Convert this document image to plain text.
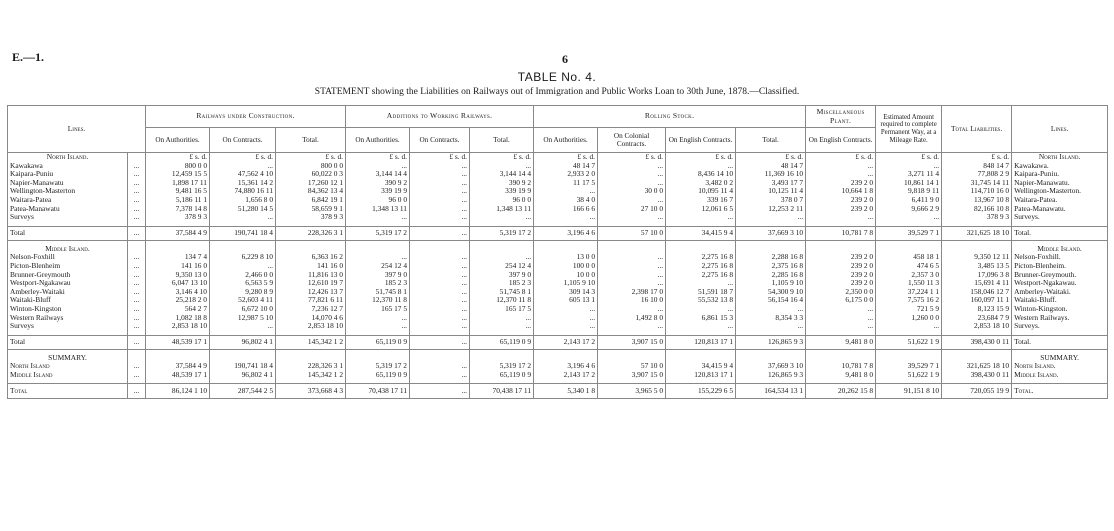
E.—1.	6
TABLE No. 4.
STATEMENT showing the Liabilities on Railways out of Immigration and Public Works Loan to 30th June, 1878.—Classified.
Lines.		Railways under Construction.			Additions to Working Railways.			Rolling Stock.				Miscellaneous Plant.	Estimated Amount required to complete Permanent Way, at a Mileage Rate.	Total Liabilities.	Lines.
		On Authorities.	On Contracts.	Total.	On Authorities.	On Contracts.	Total.	On Authorities.	On Colonial Contracts.	On English Contracts.	Total.	On English Contracts.			
North Island.		£ s. d.	£ s. d.	£ s. d.	£ s. d.	£ s. d.	£ s. d.	£ s. d.	£ s. d.	£ s. d.	£ s. d.	£ s. d.	£ s. d.	£ s. d.	North Island.
Kawakawa	...	800 0 0	...	800 0 0	...	...	...	48 14 7	...	...	48 14 7	...	...	848 14 7	Kawakawa.
Kaipara-Puniu	...	12,459 15 5	47,562 4 10	60,022 0 3	3,144 14 4	...	3,144 14 4	2,933 2 0	...	8,436 14 10	11,369 16 10	...	3,271 11 4	77,808 2 9	Kaipara-Puniu.
Napier-Manawatu	...	1,898 17 11	15,361 14 2	17,260 12 1	390 9 2	...	390 9 2	11 17 5	...	3,482 0 2	3,493 17 7	239 2 0	10,861 14 1	31,745 14 11	Napier-Manawatu.
Wellington-Masterton	...	9,481 16 5	74,880 16 11	84,362 13 4	339 19 9	...	339 19 9	...	30 0 0	10,095 11 4	10,125 11 4	10,664 1 8	9,818 9 11	114,710 16 0	Wellington-Masterton.
Waitara-Patea	...	5,186 11 1	1,656 8 0	6,842 19 1	96 0 0	...	96 0 0	38 4 0	...	339 16 7	378 0 7	239 2 0	6,411 9 0	13,967 10 8	Waitara-Patea.
Patea-Manawatu	...	7,378 14 8	51,280 14 5	58,659 9 1	1,348 13 11	...	1,348 13 11	166 6 6	27 10 0	12,061 6 5	12,253 2 11	239 2 0	9,666 2 9	82,166 10 8	Patea-Manawatu.
Surveys	...	378 9 3	...	378 9 3	...	...	...	...	...	...	...	...	...	378 9 3	Surveys.

Total	...	37,584 4 9	190,741 18 4	228,326 3 1	5,319 17 2	...	5,319 17 2	3,196 4 6	57 10 0	34,415 9 4	37,669 3 10	10,781 7 8	39,529 7 1	321,625 18 10	Total.

Middle Island.															Middle Island.
Nelson-Foxhill	...	134 7 4	6,229 8 10	6,363 16 2	...	...	...	13 0 0	...	2,275 16 8	2,288 16 8	239 2 0	458 18 1	9,350 12 11	Nelson-Foxhill.
Picton-Blenheim	...	141 16 0	...	141 16 0	254 12 4	...	254 12 4	100 0 0	...	2,275 16 8	2,375 16 8	239 2 0	474 6 5	3,485 13 5	Picton-Blenheim.
Brunner-Greymouth	...	9,350 13 0	2,466 0 0	11,816 13 0	397 9 0	...	397 9 0	10 0 0	...	2,275 16 8	2,285 16 8	239 2 0	2,357 3 0	17,096 3 8	Brunner-Greymouth.
Westport-Ngakawau	...	6,047 13 10	6,563 5 9	12,610 19 7	185 2 3	...	185 2 3	1,105 9 10	...	...	1,105 9 10	239 2 0	1,550 11 3	15,691 4 11	Westport-Ngakawau.
Amberley-Waitaki	...	3,146 4 10	9,280 8 9	12,426 13 7	51,745 8 1	...	51,745 8 1	309 14 3	2,398 17 0	51,591 18 7	54,300 9 10	2,350 0 0	37,224 1 1	158,046 12 7	Amberley-Waitaki.
Waitaki-Bluff	...	25,218 2 0	52,603 4 11	77,821 6 11	12,370 11 8	...	12,370 11 8	605 13 1	16 10 0	55,532 13 8	56,154 16 4	6,175 0 0	7,575 16 2	160,097 11 1	Waitaki-Bluff.
Winton-Kingston	...	564 2 7	6,672 10 0	7,236 12 7	165 17 5	...	165 17 5	...	...	...	...	...	721 5 9	8,123 15 9	Winton-Kingston.
Western Railways	...	1,082 18 8	12,987 5 10	14,070 4 6	...	...	...	...	1,492 8 0	6,861 15 3	8,354 3 3	...	1,260 0 0	23,684 7 9	Western Railways.
Surveys	...	2,853 18 10	...	2,853 18 10	...	...	...	...	...	...	...	...	...	2,853 18 10	Surveys.

Total	...	48,539 17 1	96,802 4 1	145,342 1 2	65,119 0 9	...	65,119 0 9	2,143 17 2	3,907 15 0	120,813 17 1	126,865 9 3	9,481 8 0	51,622 1 9	398,430 0 11	Total.

SUMMARY.															SUMMARY.
North Island	...	37,584 4 9	190,741 18 4	228,326 3 1	5,319 17 2	...	5,319 17 2	3,196 4 6	57 10 0	34,415 9 4	37,669 3 10	10,781 7 8	39,529 7 1	321,625 18 10	North Island.
Middle Island	...	48,539 17 1	96,802 4 1	145,342 1 2	65,119 0 9	...	65,119 0 9	2,143 17 2	3,907 15 0	120,813 17 1	126,865 9 3	9,481 8 0	51,622 1 9	398,430 0 11	Middle Island.

Total	...	86,124 1 10	287,544 2 5	373,668 4 3	70,438 17 11	...	70,438 17 11	5,340 1 8	3,965 5 0	155,229 6 5	164,534 13 1	20,262 15 8	91,151 8 10	720,055 19 9	Total.
